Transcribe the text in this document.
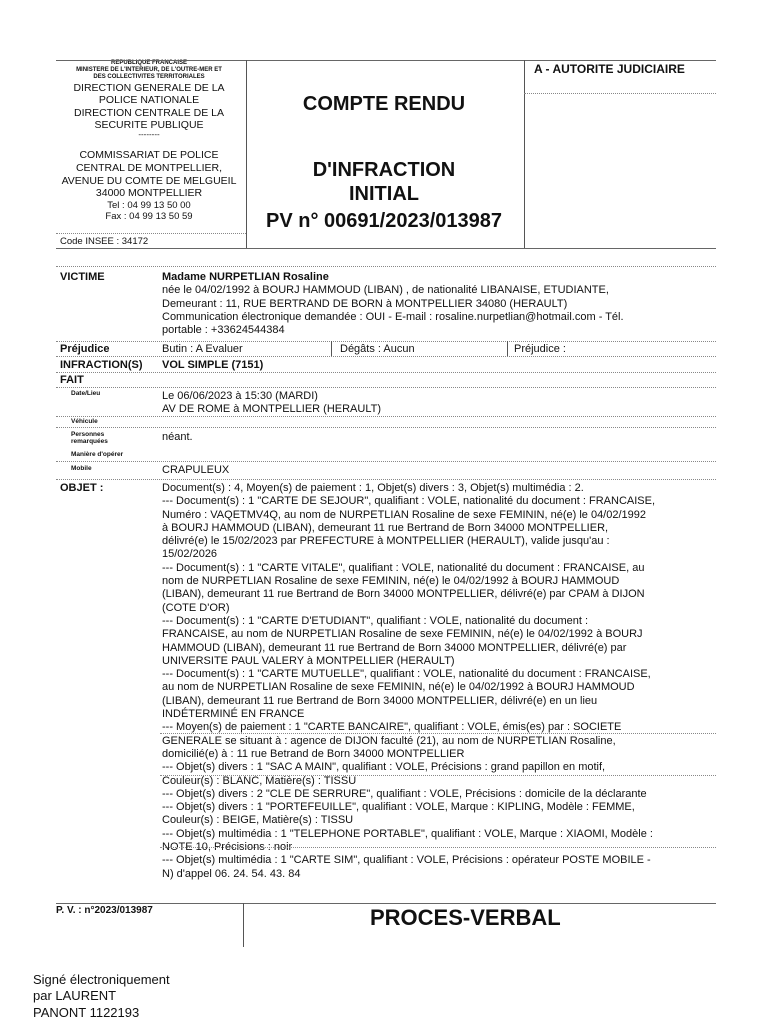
REPUBLIQUE FRANCAISE
MINISTERE DE L'INTERIEUR, DE L'OUTRE-MER ET
DES COLLECTIVITES TERRITORIALES
DIRECTION GENERALE DE LA
POLICE NATIONALE
DIRECTION CENTRALE DE LA
SECURITE PUBLIQUE
--------
COMMISSARIAT DE POLICE
CENTRAL DE MONTPELLIER,
AVENUE DU COMTE DE MELGUEIL
34000 MONTPELLIER
Tel : 04 99 13 50 00
Fax : 04 99 13 50 59
Code INSEE : 34172
COMPTE RENDU
D'INFRACTION
INITIAL
PV n° 00691/2023/013987
A - AUTORITE JUDICIAIRE
VICTIME	Madame NURPETLIAN Rosaline
née le 04/02/1992 à BOURJ HAMMOUD (LIBAN) , de nationalité LIBANAISE, ETUDIANTE,
Demeurant : 11, RUE BERTRAND DE BORN à MONTPELLIER 34080 (HERAULT)
Communication électronique demandée : OUI - E-mail : rosaline.nurpetlian@hotmail.com - Tél.
portable : +33624544384
Préjudice	Butin : A Evaluer	Dégâts : Aucun	Préjudice :
INFRACTION(S) VOL SIMPLE (7151)
FAIT
Date/Lieu	Le 06/06/2023 à 15:30 (MARDI)
AV DE ROME à MONTPELLIER (HERAULT)
Véhicule
Personnes
remarquées	néant.
Manière d'opérer
Mobile	CRAPULEUX
OBJET :	Document(s) : 4, Moyen(s) de paiement : 1, Objet(s) divers : 3, Objet(s) multimédia : 2.
--- Document(s) : 1 "CARTE DE SEJOUR", qualifiant : VOLE, nationalité du document : FRANCAISE,
Numéro : VAQETMV4Q, au nom de NURPETLIAN Rosaline de sexe FEMININ, né(e) le 04/02/1992
à BOURJ HAMMOUD (LIBAN), demeurant 11 rue Bertrand de Born 34000 MONTPELLIER,
délivré(e) le 15/02/2023 par PREFECTURE à MONTPELLIER (HERAULT), valide jusqu'au :
15/02/2026
--- Document(s) : 1 "CARTE VITALE", qualifiant : VOLE, nationalité du document : FRANCAISE, au
nom de NURPETLIAN Rosaline de sexe FEMININ, né(e) le 04/02/1992 à BOURJ HAMMOUD
(LIBAN), demeurant 11 rue Bertrand de Born 34000 MONTPELLIER, délivré(e) par CPAM à DIJON
(COTE D'OR)
--- Document(s) : 1 "CARTE D'ETUDIANT", qualifiant : VOLE, nationalité du document :
FRANCAISE, au nom de NURPETLIAN Rosaline de sexe FEMININ, né(e) le 04/02/1992 à BOURJ
HAMMOUD (LIBAN), demeurant 11 rue Bertrand de Born 34000 MONTPELLIER, délivré(e) par
UNIVERSITE PAUL VALERY à MONTPELLIER (HERAULT)
--- Document(s) : 1 "CARTE MUTUELLE", qualifiant : VOLE, nationalité du document : FRANCAISE,
au nom de NURPETLIAN Rosaline de sexe FEMININ, né(e) le 04/02/1992 à BOURJ HAMMOUD
(LIBAN), demeurant 11 rue Bertrand de Born 34000 MONTPELLIER, délivré(e) en un lieu
INDÉTERMINÉ EN FRANCE
--- Moyen(s) de paiement : 1 "CARTE BANCAIRE", qualifiant : VOLE, émis(es) par : SOCIETE
GENERALE se situant à : agence de DIJON faculté (21), au nom de NURPETLIAN Rosaline,
domicilié(e) à : 11 rue Betrand de Born 34000 MONTPELLIER
--- Objet(s) divers : 1 "SAC A MAIN", qualifiant : VOLE, Précisions : grand papillon en motif,
Couleur(s) : BLANC, Matière(s) : TISSU
--- Objet(s) divers : 2 "CLE DE SERRURE", qualifiant : VOLE, Précisions : domicile de la déclarante
--- Objet(s) divers : 1 "PORTEFEUILLE", qualifiant : VOLE, Marque : KIPLING, Modèle : FEMME,
Couleur(s) : BEIGE, Matière(s) : TISSU
--- Objet(s) multimédia : 1 "TELEPHONE PORTABLE", qualifiant : VOLE, Marque : XIAOMI, Modèle :
NOTE 10, Précisions : noir
--- Objet(s) multimédia : 1 "CARTE SIM", qualifiant : VOLE, Précisions : opérateur POSTE MOBILE -
N) d'appel 06. 24. 54. 43. 84
P. V. : n°2023/013987	PROCES-VERBAL
Signé électroniquement
par LAURENT
PANONT 1122193
